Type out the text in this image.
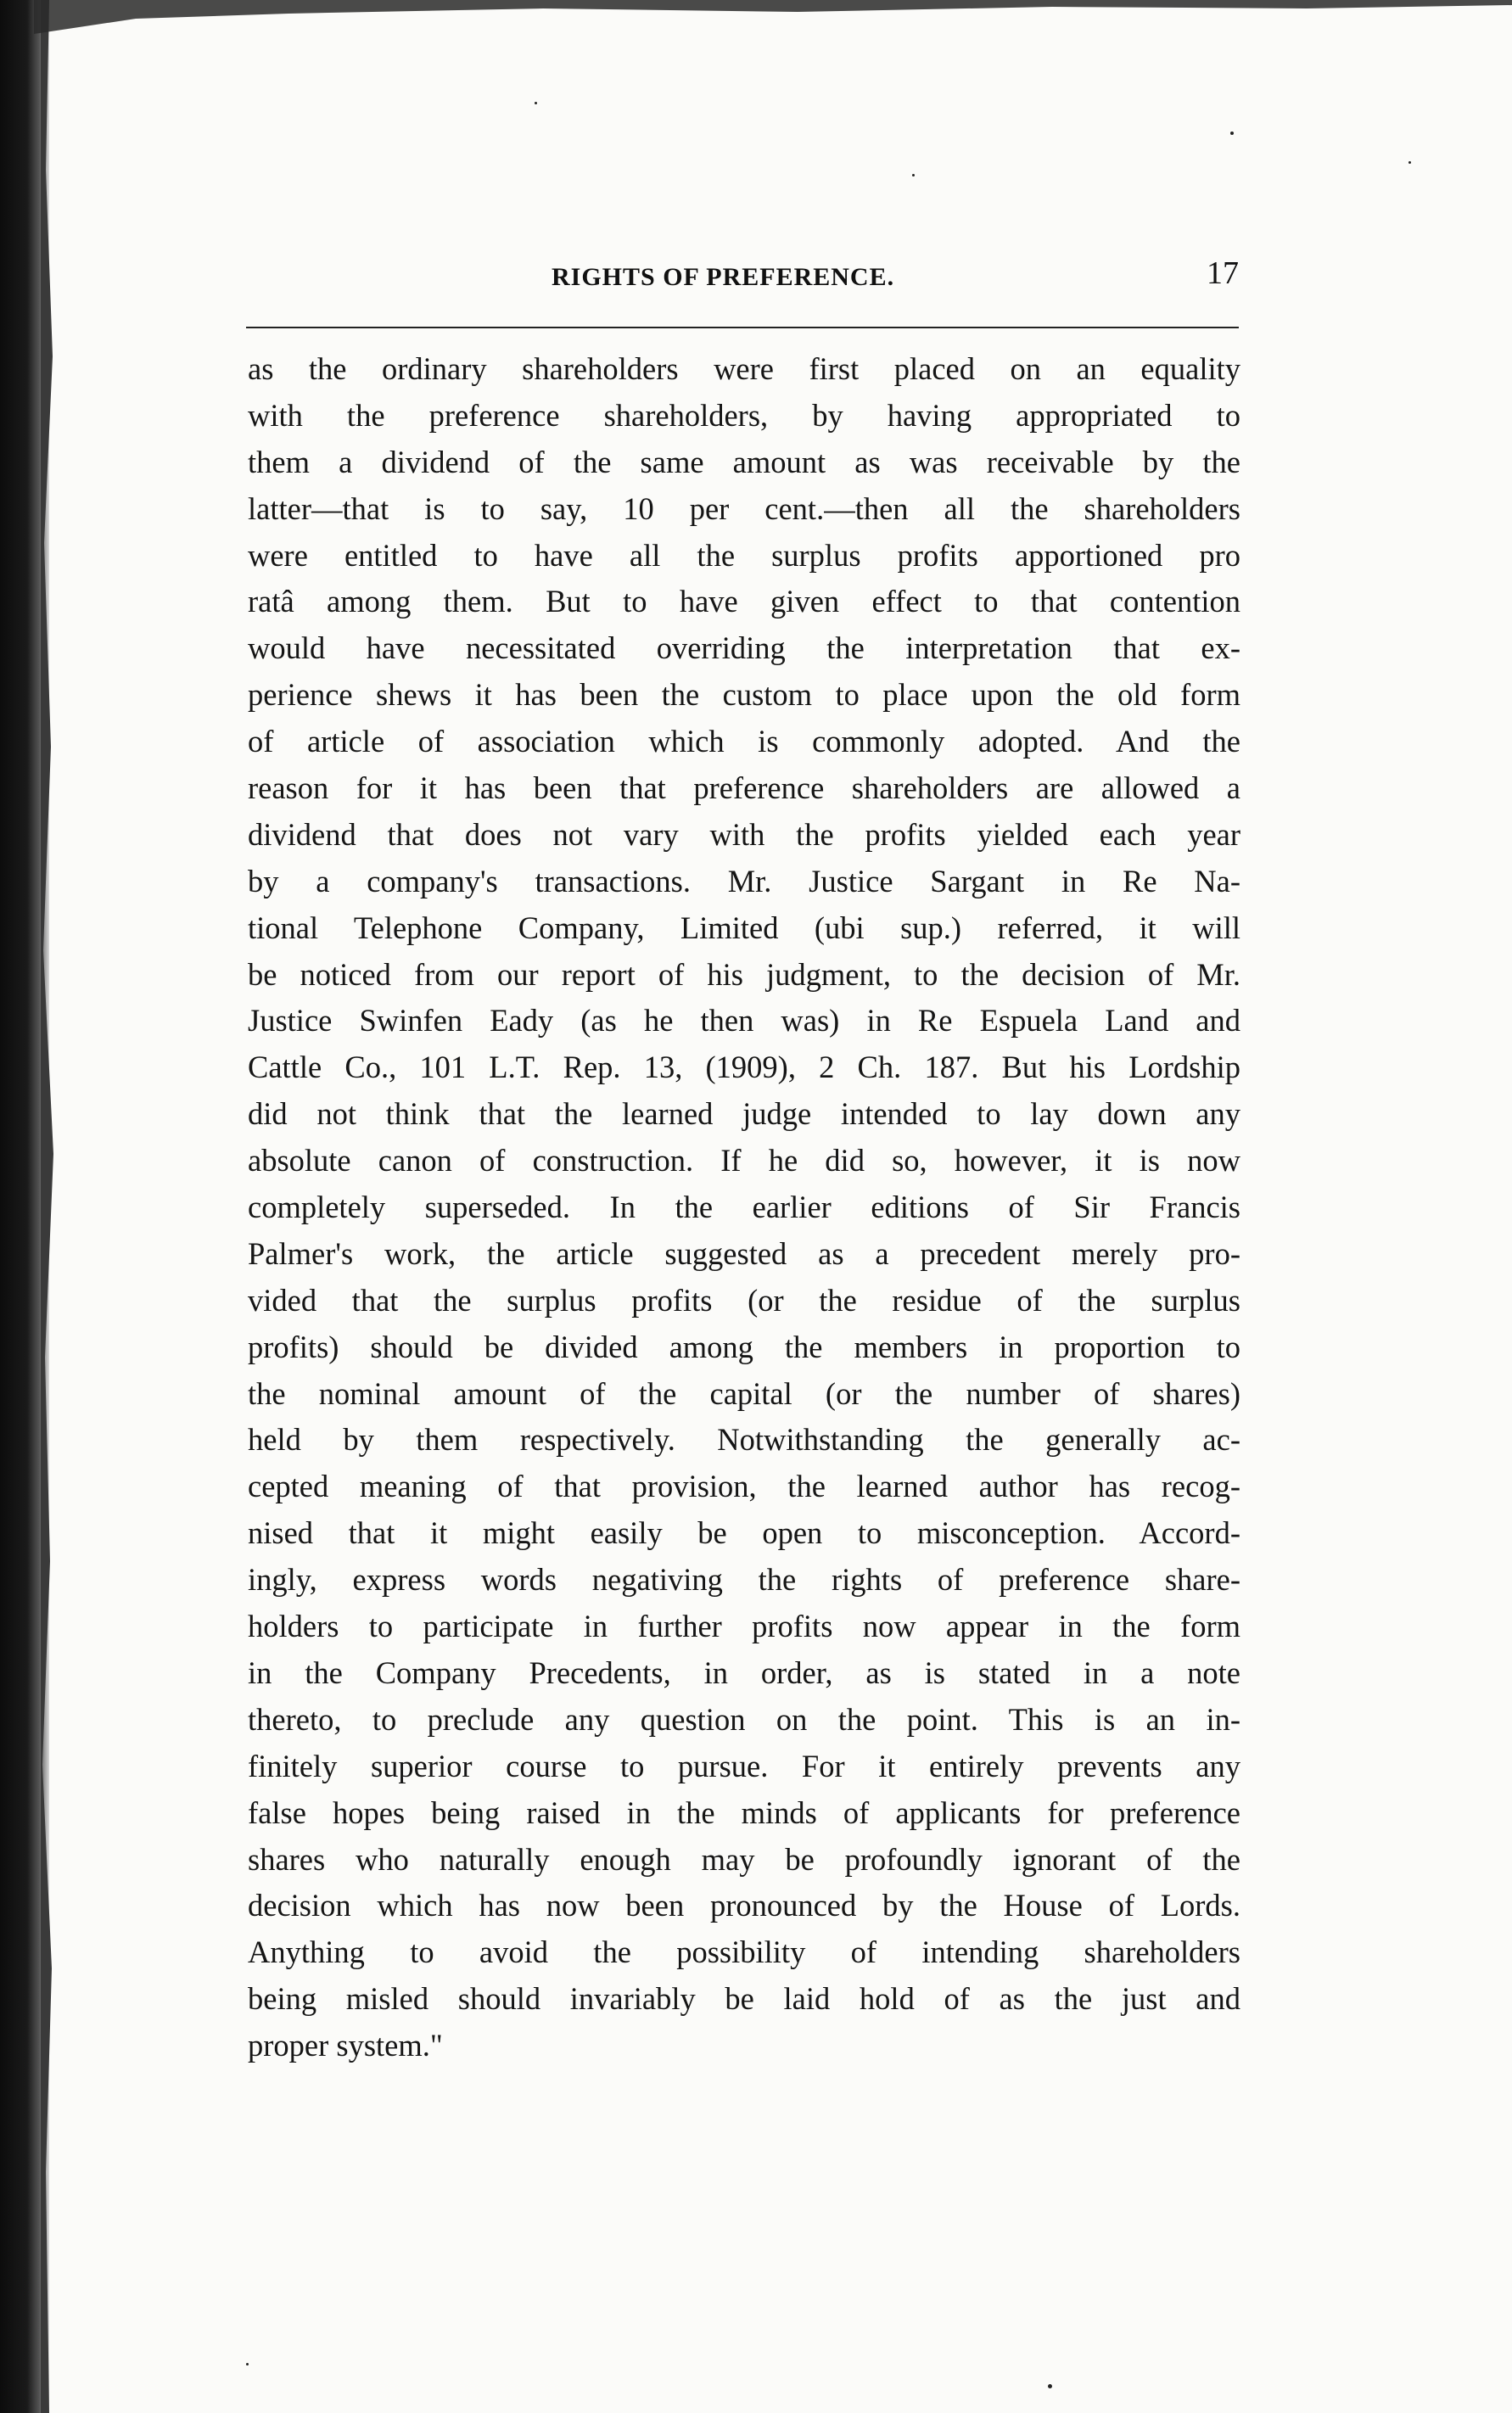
RIGHTS OF PREFERENCE.	17
as the ordinary shareholders were first placed on an equality
with the preference shareholders, by having appropriated to
them a dividend of the same amount as was receivable by the
latter—that is to say, 10 per cent.—then all the shareholders
were entitled to have all the surplus profits apportioned pro
ratâ among them. But to have given effect to that contention
would have necessitated overriding the interpretation that ex-
perience shews it has been the custom to place upon the old form
of article of association which is commonly adopted. And the
reason for it has been that preference shareholders are allowed a
dividend that does not vary with the profits yielded each year
by a company's transactions. Mr. Justice Sargant in Re Na-
tional Telephone Company, Limited (ubi sup.) referred, it will
be noticed from our report of his judgment, to the decision of Mr.
Justice Swinfen Eady (as he then was) in Re Espuela Land and
Cattle Co., 101 L.T. Rep. 13, (1909), 2 Ch. 187. But his Lordship
did not think that the learned judge intended to lay down any
absolute canon of construction. If he did so, however, it is now
completely superseded. In the earlier editions of Sir Francis
Palmer's work, the article suggested as a precedent merely pro-
vided that the surplus profits (or the residue of the surplus
profits) should be divided among the members in proportion to
the nominal amount of the capital (or the number of shares)
held by them respectively. Notwithstanding the generally ac-
cepted meaning of that provision, the learned author has recog-
nised that it might easily be open to misconception. Accord-
ingly, express words negativing the rights of preference share-
holders to participate in further profits now appear in the form
in the Company Precedents, in order, as is stated in a note
thereto, to preclude any question on the point. This is an in-
finitely superior course to pursue. For it entirely prevents any
false hopes being raised in the minds of applicants for preference
shares who naturally enough may be profoundly ignorant of the
decision which has now been pronounced by the House of Lords.
Anything to avoid the possibility of intending shareholders
being misled should invariably be laid hold of as the just and
proper system."
